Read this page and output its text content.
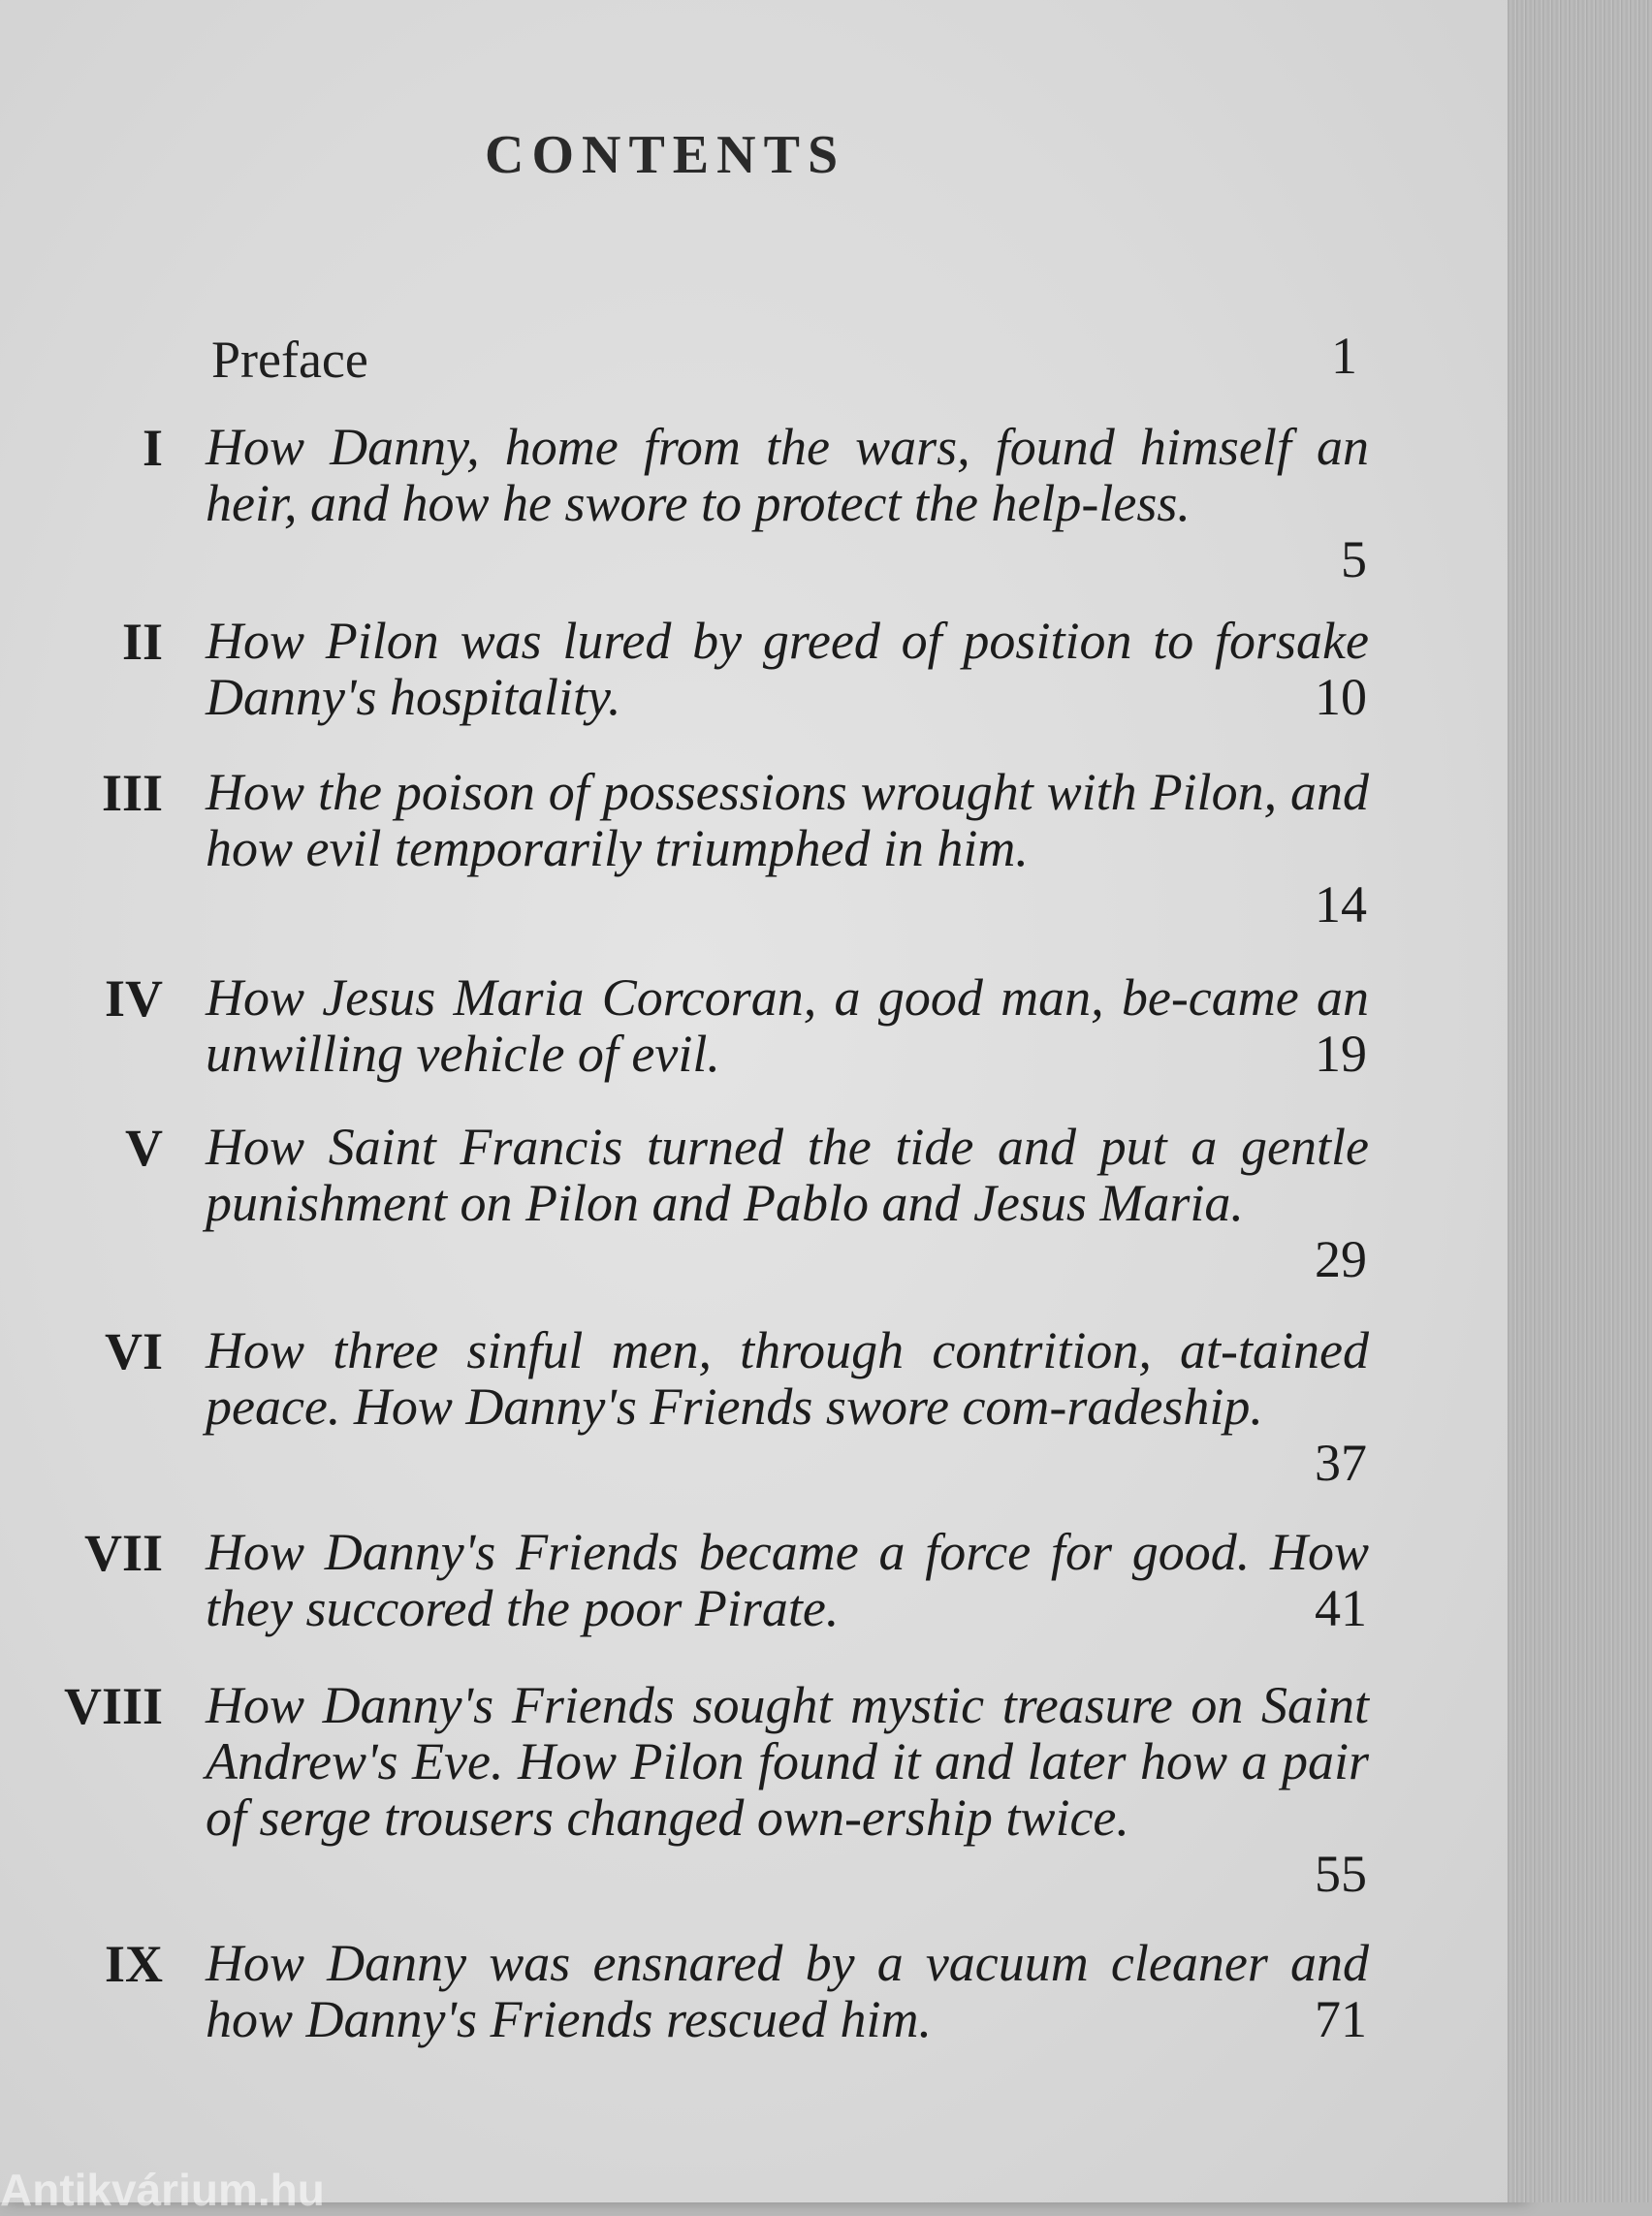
CONTENTS
Preface	1
I How Danny, home from the wars, found himself an heir, and how he swore to protect the help-less.
5
II How Pilon was lured by greed of position to forsake Danny's hospitality.	10
III How the poison of possessions wrought with Pilon, and how evil temporarily triumphed in him.
14
IV How Jesus Maria Corcoran, a good man, be-came an unwilling vehicle of evil.	19
V How Saint Francis turned the tide and put a gentle punishment on Pilon and Pablo and Jesus Maria.
29
VI How three sinful men, through contrition, at-tained peace. How Danny's Friends swore com-radeship.
37
VII How Danny's Friends became a force for good. How they succored the poor Pirate.	41
VIII How Danny's Friends sought mystic treasure on Saint Andrew's Eve. How Pilon found it and later how a pair of serge trousers changed own-ership twice.
55
IX How Danny was ensnared by a vacuum cleaner and how Danny's Friends rescued him.	71
Antikvárium.hu
